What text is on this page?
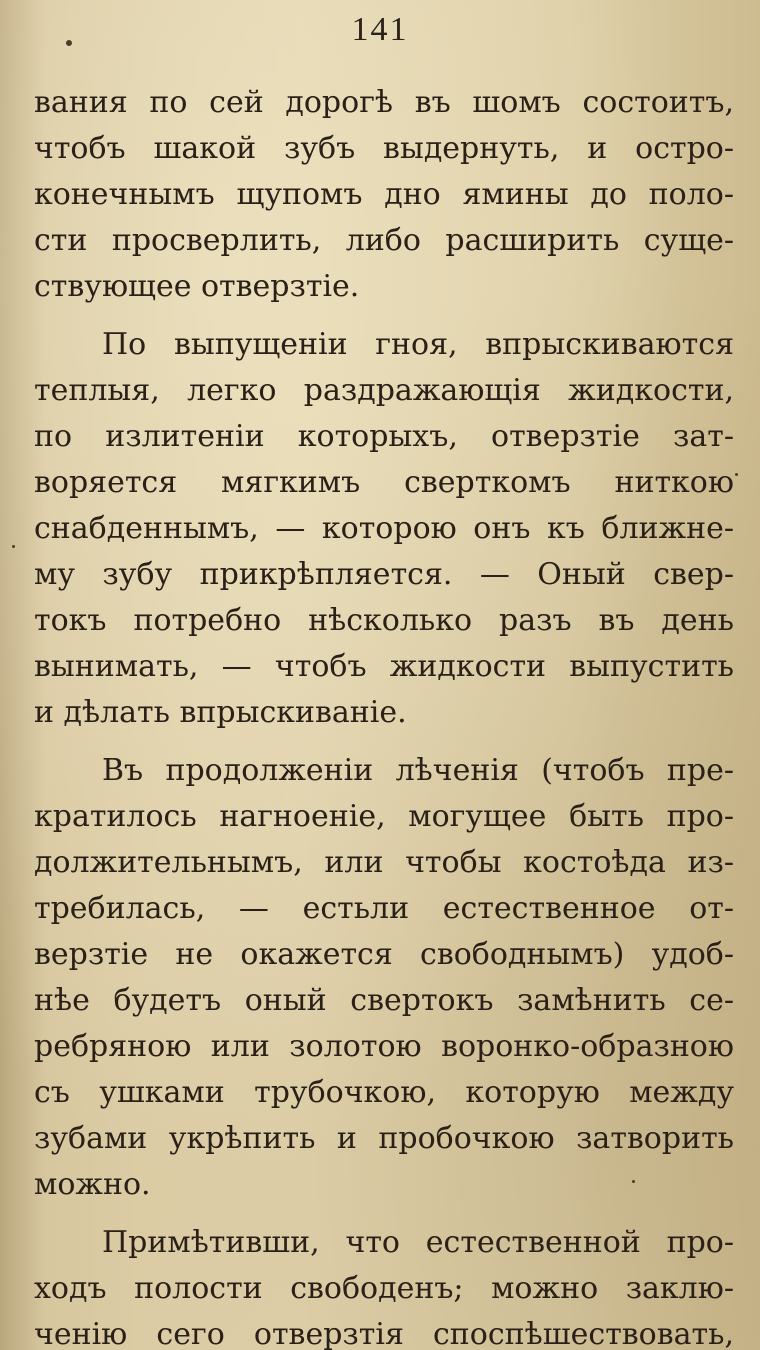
141
вания по сей дорогѣ въ шомъ состоитъ,
чтобъ шакой зубъ выдернуть, и остро-
конечнымъ щупомъ дно ямины до поло-
сти просверлить, либо расширить суще-
ствующее отверзтіе.
По выпущеніи гноя, впрыскиваются
теплыя, легко раздражающія жидкости,
по излитеніи которыхъ, отверзтіе зат-
воряется мягкимъ сверткомъ ниткою
снабденнымъ, — которою онъ къ ближне-
му зубу прикрѣпляется. — Оный свер-
токъ потребно нѣсколько разъ въ день
вынимать, — чтобъ жидкости выпустить
и дѣлать впрыскиваніе.
Въ продолженіи лѣченія (чтобъ пре-
кратилось нагноеніе, могущее быть про-
должительнымъ, или чтобы костоѣда из-
тpебилась, — естьли естественное от-
верзтіе не окажется свободнымъ) удоб-
нѣе будетъ оный свертокъ замѣнить се-
ребряною или золотою воронко-образною
съ ушками трубочкою, которую между
зубами укрѣпить и пробочкою затворить
можно.
Примѣтивши, что естественной про-
ходъ полости свободенъ; можно заклю-
ченію сего отверзтія споспѣшествовать,
